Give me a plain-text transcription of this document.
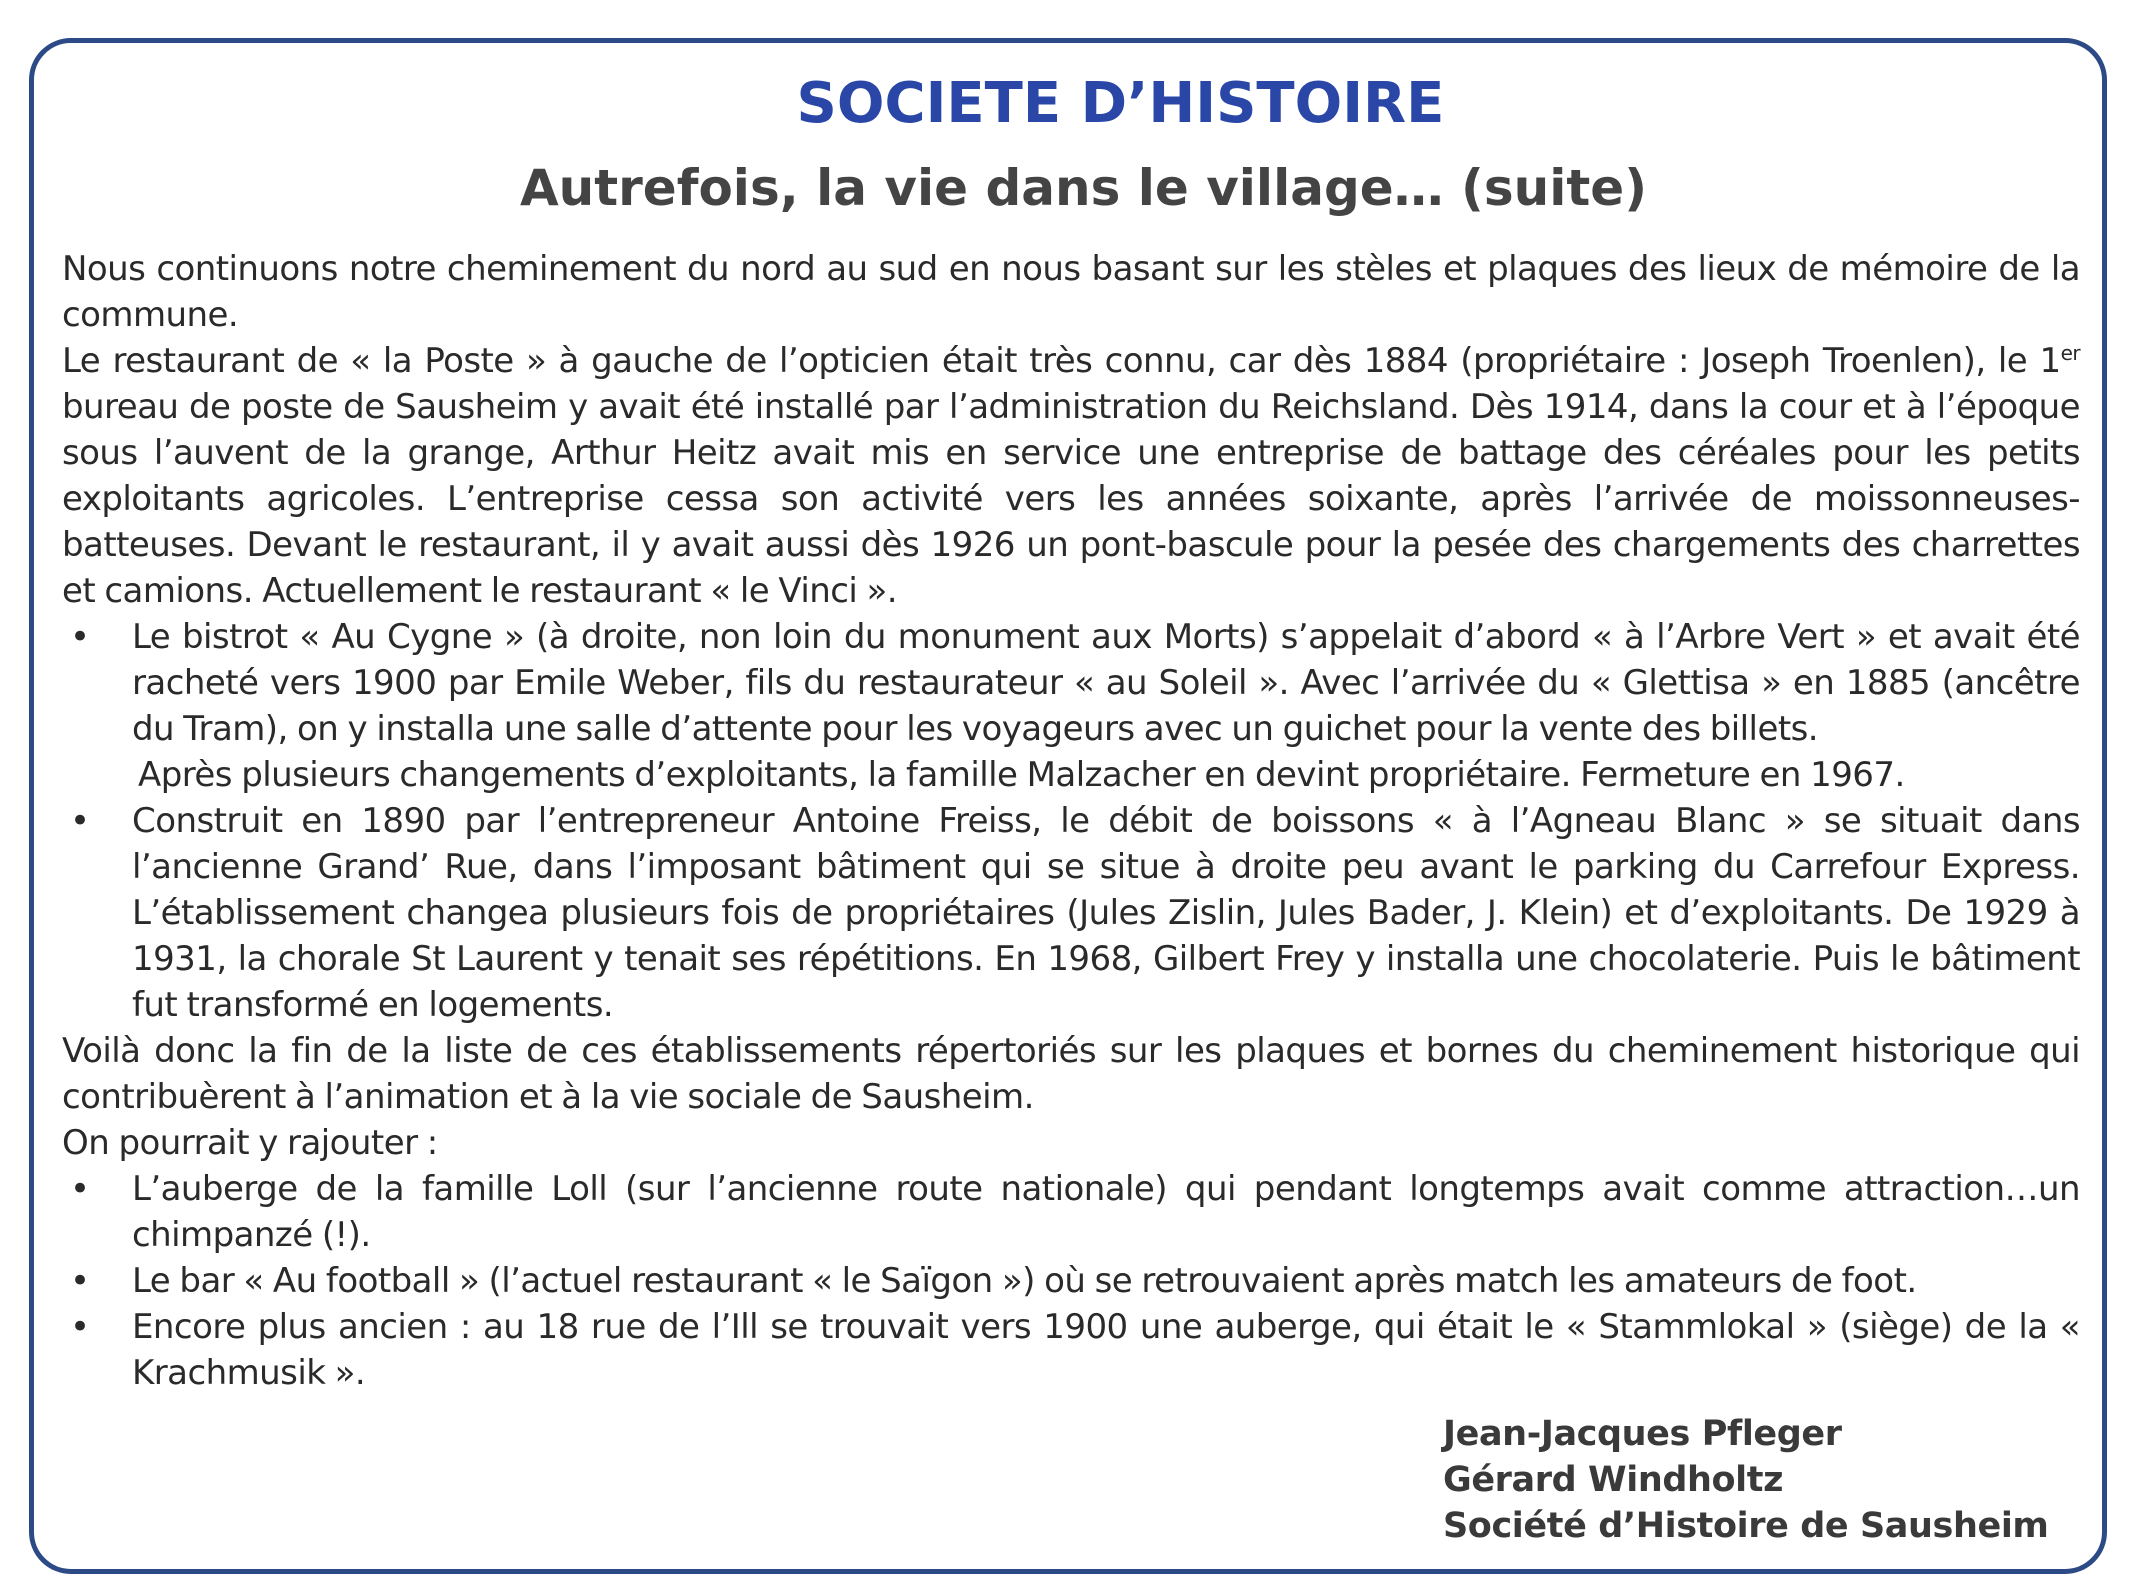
SOCIETE D’HISTOIRE
Autrefois, la vie dans le village… (suite)

Nous continuons notre cheminement du nord au sud en nous basant sur les stèles et plaques des lieux de mémoire de la commune.

Le restaurant de « la Poste » à gauche de l’opticien était très connu, car dès 1884 (propriétaire : Joseph Troenlen), le 1er bureau de poste de Sausheim y avait été installé par l’administration du Reichsland. Dès 1914, dans la cour et à l’époque sous l’auvent de la grange, Arthur Heitz avait mis en service une entreprise de battage des céréales pour les petits exploitants agricoles. L’entreprise cessa son activité vers les années soixante, après l’arrivée de moissonneuses-batteuses. Devant le restaurant, il y avait aussi dès 1926 un pont-bascule pour la pesée des chargements des charrettes et camions. Actuellement le restaurant « le Vinci ».

• Le bistrot « Au Cygne » (à droite, non loin du monument aux Morts) s’appelait d’abord « à l’Arbre Vert » et avait été racheté vers 1900 par Emile Weber, fils du restaurateur « au Soleil ». Avec l’arrivée du « Glettisa » en 1885 (ancêtre du Tram), on y installa une salle d’attente pour les voyageurs avec un guichet pour la vente des billets.

Après plusieurs changements d’exploitants, la famille Malzacher en devint propriétaire. Fermeture en 1967.

• Construit en 1890 par l’entrepreneur Antoine Freiss, le débit de boissons « à l’Agneau Blanc » se situait dans l’ancienne Grand’ Rue, dans l’imposant bâtiment qui se situe à droite peu avant le parking du Carrefour Express. L’établissement changea plusieurs fois de propriétaires (Jules Zislin, Jules Bader, J. Klein) et d’exploitants. De 1929 à 1931, la chorale St Laurent y tenait ses répétitions. En 1968, Gilbert Frey y installa une chocolaterie. Puis le bâtiment fut transformé en logements.

Voilà donc la fin de la liste de ces établissements répertoriés sur les plaques et bornes du cheminement historique qui contribuèrent à l’animation et à la vie sociale de Sausheim.

On pourrait y rajouter :

• L’auberge de la famille Loll (sur l’ancienne route nationale) qui pendant longtemps avait comme attraction…un chimpanzé (!).

• Le bar « Au football » (l’actuel restaurant « le Saïgon ») où se retrouvaient après match les amateurs de foot.

• Encore plus ancien : au 18 rue de l’Ill se trouvait vers 1900 une auberge, qui était le « Stammlokal » (siège) de la « Krachmusik ».

Jean-Jacques Pfleger
Gérard Windholtz
Société d’Histoire de Sausheim
